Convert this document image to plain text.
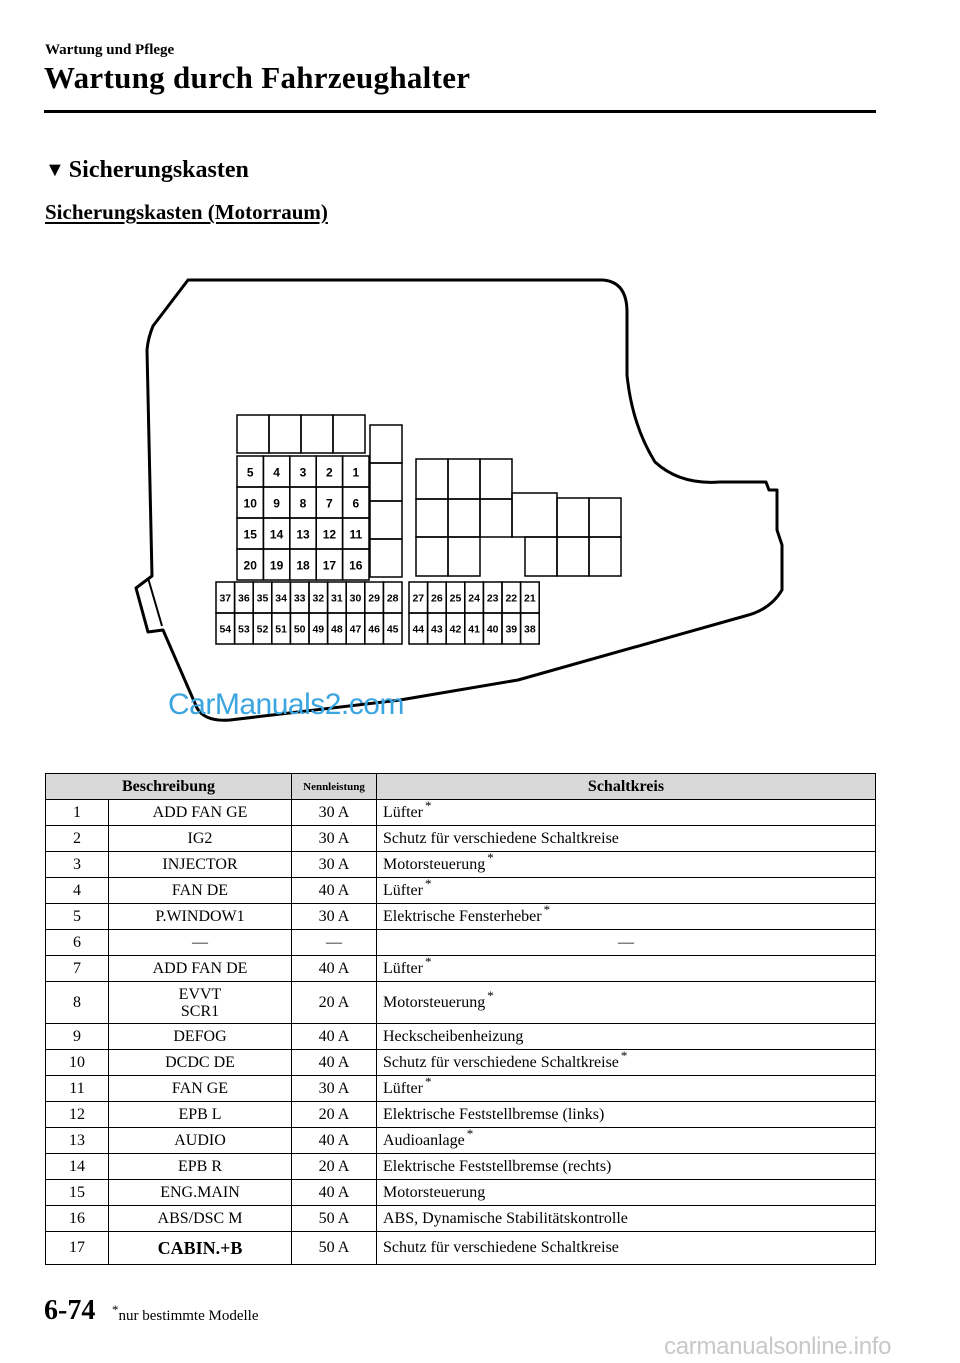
Wartung und Pflege
Wartung durch Fahrzeughalter
▼ Sicherungskasten
Sicherungskasten (Motorraum)
5 4 3 2 1
10 9 8 7 6
15 14 13 12 11
20 19 18 17 16
37 36 35 34 33 32 31 30 29 28
54 53 52 51 50 49 48 47 46 45
27 26 25 24 23 22 21
44 43 42 41 40 39 38
CarManuals2.com
Beschreibung		Nennleistung	Schaltkreis
1	ADD FAN GE	30 A	Lüfter *
2	IG2	30 A	Schutz für verschiedene Schaltkreise
3	INJECTOR	30 A	Motorsteuerung *
4	FAN DE	40 A	Lüfter *
5	P.WINDOW1	30 A	Elektrische Fensterheber *
6	—	—	—
7	ADD FAN DE	40 A	Lüfter *
8	EVVT
SCR1	20 A	Motorsteuerung *
9	DEFOG	40 A	Heckscheibenheizung
10	DCDC DE	40 A	Schutz für verschiedene Schaltkreise *
11	FAN GE	30 A	Lüfter *
12	EPB L	20 A	Elektrische Feststellbremse (links)
13	AUDIO	40 A	Audioanlage *
14	EPB R	20 A	Elektrische Feststellbremse (rechts)
15	ENG.MAIN	40 A	Motorsteuerung
16	ABS/DSC M	50 A	ABS, Dynamische Stabilitätskontrolle
17	CABIN.+B	50 A	Schutz für verschiedene Schaltkreise
6-74 *nur bestimmte Modelle
carmanualsonline.info
